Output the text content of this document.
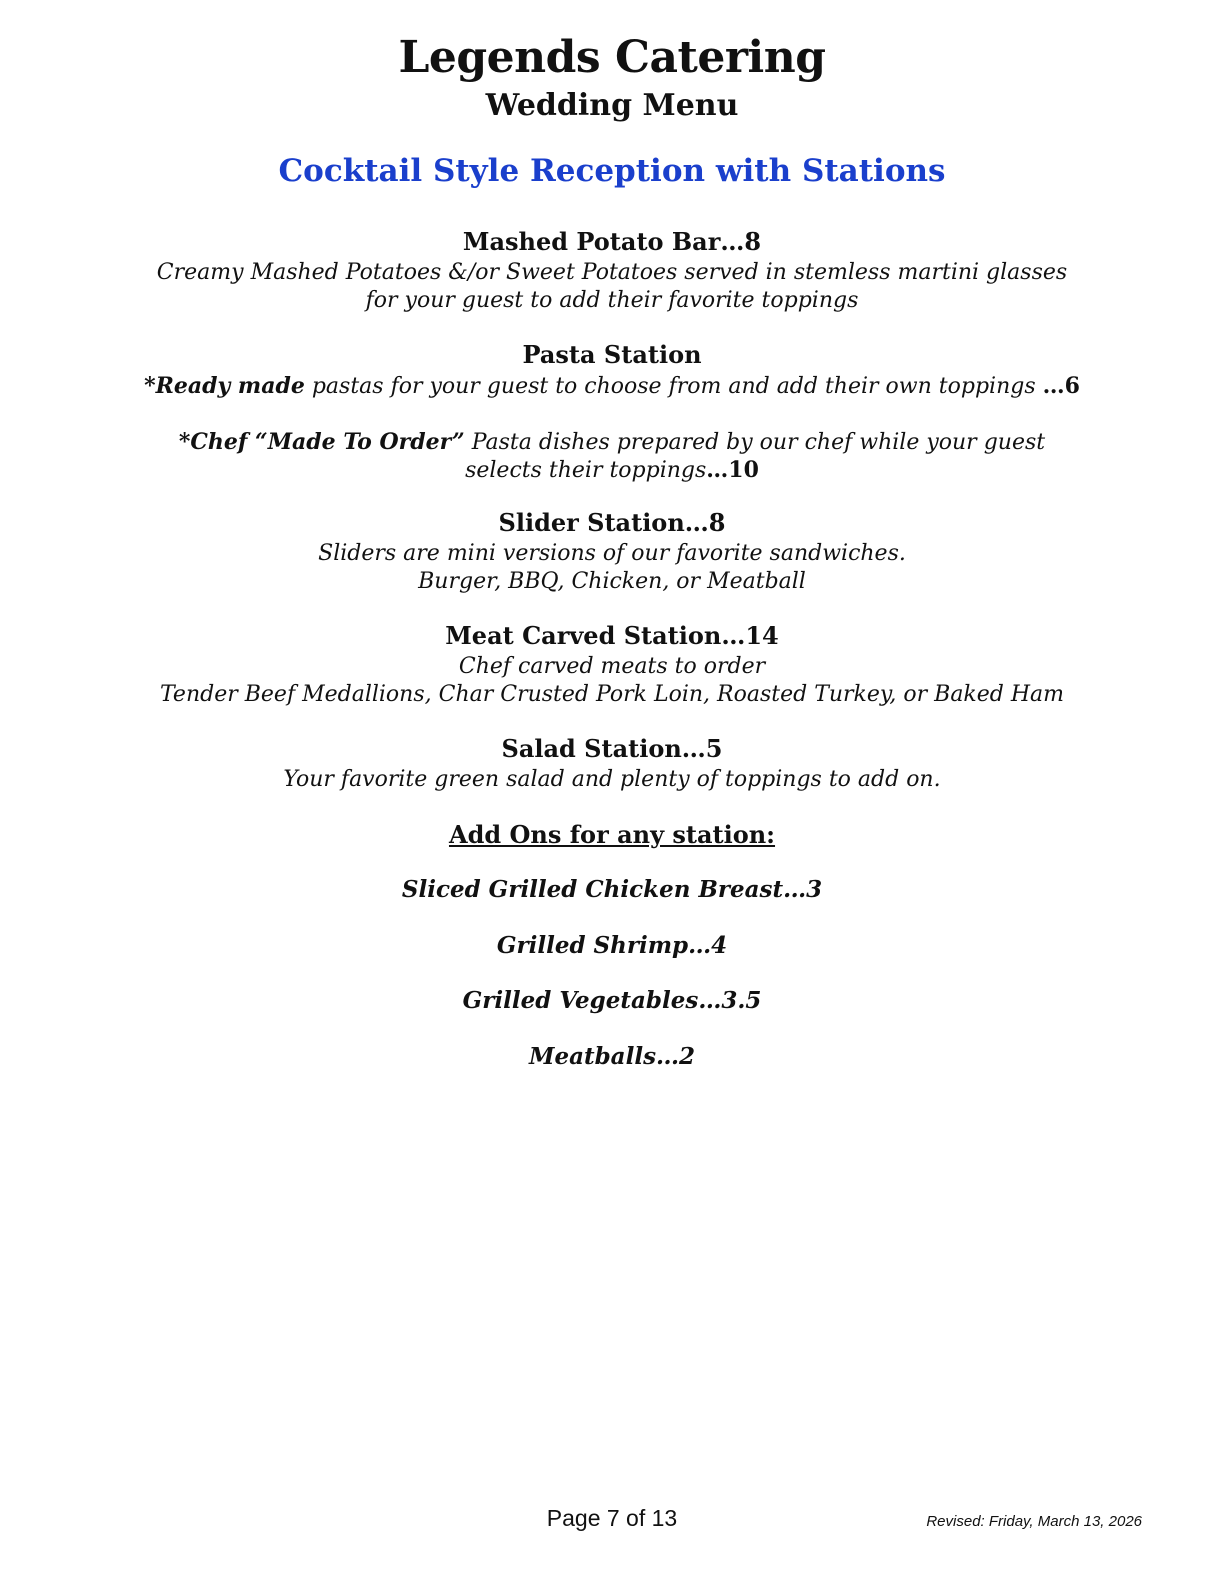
Legends Catering
Wedding Menu
Cocktail Style Reception with Stations
Mashed Potato Bar…8
Creamy Mashed Potatoes &/or Sweet Potatoes served in stemless martini glasses
for your guest to add their favorite toppings
Pasta Station
*Ready made pastas for your guest to choose from and add their own toppings …6
*Chef “Made To Order” Pasta dishes prepared by our chef while your guest
selects their toppings…10
Slider Station…8
Sliders are mini versions of our favorite sandwiches.
Burger, BBQ, Chicken, or Meatball
Meat Carved Station…14
Chef carved meats to order
Tender Beef Medallions, Char Crusted Pork Loin, Roasted Turkey, or Baked Ham
Salad Station…5
Your favorite green salad and plenty of toppings to add on.
Add Ons for any station:
Sliced Grilled Chicken Breast…3
Grilled Shrimp…4
Grilled Vegetables…3.5
Meatballs…2
Page 7 of 13	Revised: Friday, March 13, 2026
